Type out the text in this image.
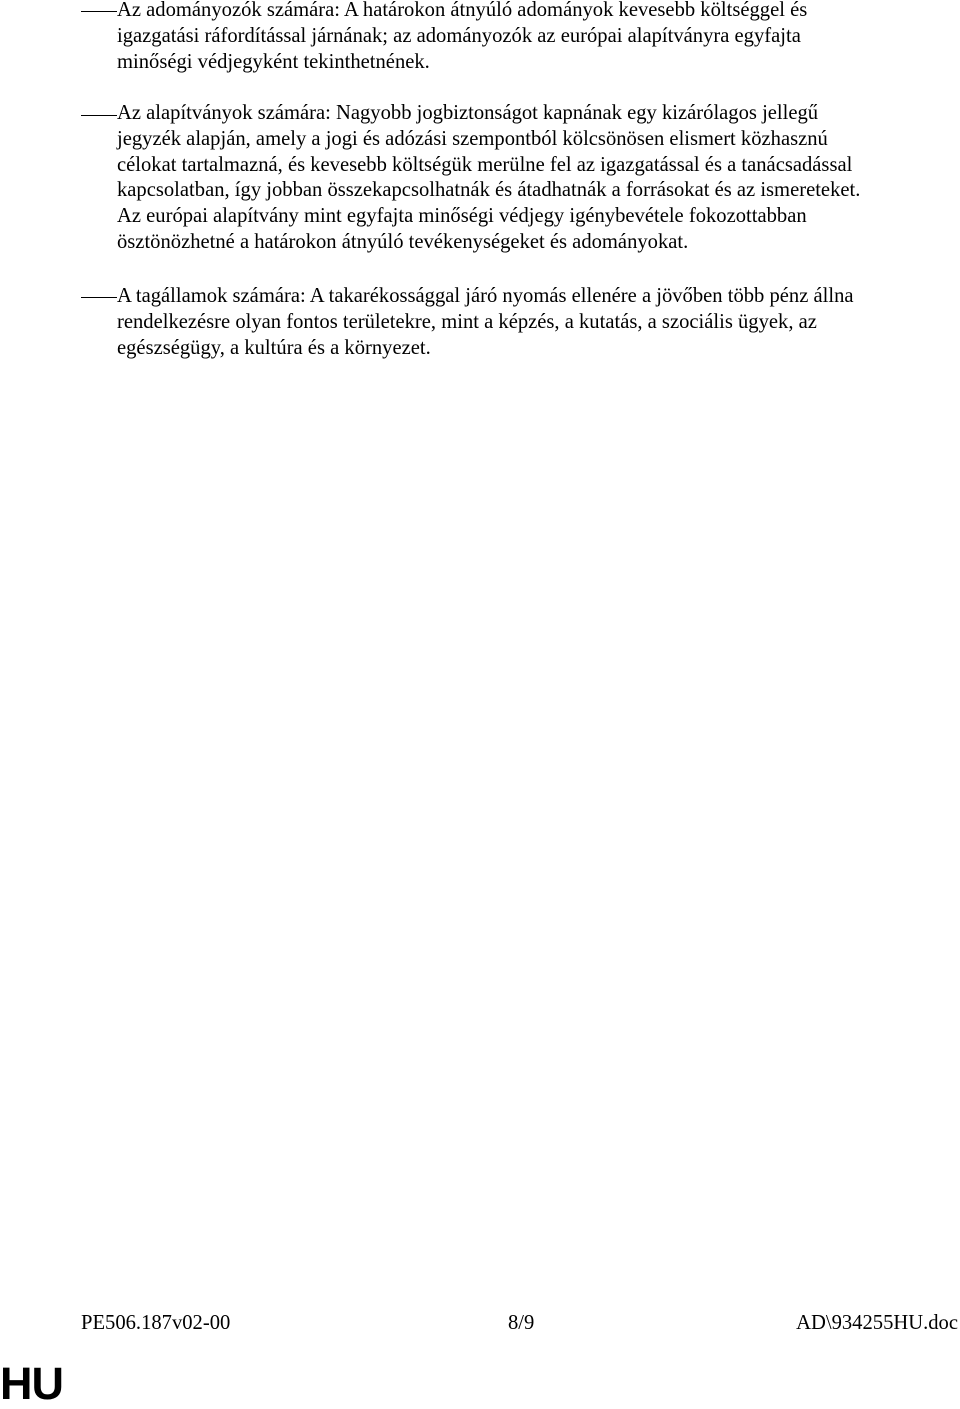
Az adományozók számára: A határokon átnyúló adományok kevesebb költséggel és
igazgatási ráfordítással járnának; az adományozók az európai alapítványra egyfajta
minőségi védjegyként tekinthetnének.
Az alapítványok számára: Nagyobb jogbiztonságot kapnának egy kizárólagos jellegű
jegyzék alapján, amely a jogi és adózási szempontból kölcsönösen elismert közhasznú
célokat tartalmazná, és kevesebb költségük merülne fel az igazgatással és a tanácsadással
kapcsolatban, így jobban összekapcsolhatnák és átadhatnák a forrásokat és az ismereteket.
Az európai alapítvány mint egyfajta minőségi védjegy igénybevétele fokozottabban
ösztönözhetné a határokon átnyúló tevékenységeket és adományokat.
A tagállamok számára: A takarékossággal járó nyomás ellenére a jövőben több pénz állna
rendelkezésre olyan fontos területekre, mint a képzés, a kutatás, a szociális ügyek, az
egészségügy, a kultúra és a környezet.
PE506.187v02-00	8/9	AD\934255HU.doc
HU
